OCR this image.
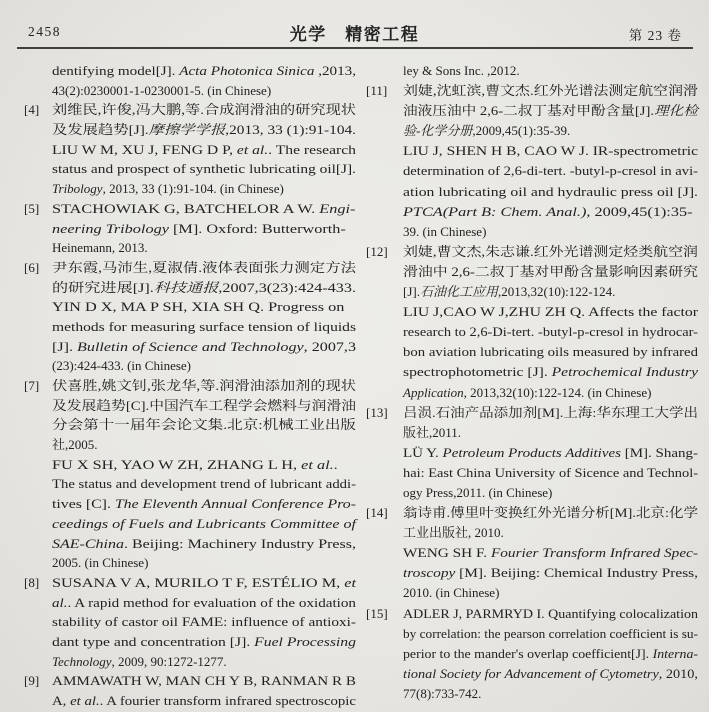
2458	光学　精密工程	第 23 卷
dentifying model[J]. Acta Photonica Sinica ,2013,
43(2):0230001-1-0230001-5. (in Chinese)
[4] 刘维民,许俊,冯大鹏,等.合成润滑油的研究现状
及发展趋势[J].摩擦学学报,2013, 33 (1):91-104.
LIU W M, XU J, FENG D P, et al.. The research
status and prospect of synthetic lubricating oil[J].
Tribology, 2013, 33 (1):91-104. (in Chinese)
[5] STACHOWIAK G, BATCHELOR A W. Engi-
neering Tribology [M]. Oxford: Butterworth-
Heinemann, 2013.
[6] 尹东霞,马沛生,夏淑倩.液体表面张力测定方法
的研究进展[J].科技通报,2007,3(23):424-433.
YIN D X, MA P SH, XIA SH Q. Progress on
methods for measuring surface tension of liquids
[J]. Bulletin of Science and Technology, 2007,3
(23):424-433. (in Chinese)
[7] 伏喜胜,姚文钊,张龙华,等.润滑油添加剂的现状
及发展趋势[C].中国汽车工程学会燃料与润滑油
分会第十一届年会论文集.北京:机械工业出版
社,2005.
FU X SH, YAO W ZH, ZHANG L H, et al..
The status and development trend of lubricant addi-
tives [C]. The Eleventh Annual Conference Pro-
ceedings of Fuels and Lubricants Committee of
SAE-China. Beijing: Machinery Industry Press,
2005. (in Chinese)
[8] SUSANA V A, MURILO T F, ESTÉLIO M, et
al.. A rapid method for evaluation of the oxidation
stability of castor oil FAME: influence of antioxi-
dant type and concentration [J]. Fuel Processing
Technology, 2009, 90:1272-1277.
[9] AMMAWATH W, MAN CH Y B, RANMAN R B
A, et al.. A fourier transform infrared spectroscopic
ley & Sons Inc. ,2012.
[11] 刘婕,沈虹滨,曹文杰.红外光谱法测定航空润滑
油液压油中 2,6-二叔丁基对甲酚含量[J].理化检
验-化学分册,2009,45(1):35-39.
LIU J, SHEN H B, CAO W J. IR-spectrometric
determination of 2,6-di-tert. -butyl-p-cresol in avi-
ation lubricating oil and hydraulic press oil [J].
PTCA(Part B: Chem. Anal.), 2009,45(1):35-
39. (in Chinese)
[12] 刘婕,曹文杰,朱志谦.红外光谱测定烃类航空润
滑油中 2,6-二叔丁基对甲酚含量影响因素研究
[J].石油化工应用,2013,32(10):122-124.
LIU J,CAO W J,ZHU ZH Q. Affects the factor
research to 2,6-Di-tert. -butyl-p-cresol in hydrocar-
bon aviation lubricating oils measured by infrared
spectrophotometric [J]. Petrochemical Industry
Application, 2013,32(10):122-124. (in Chinese)
[13] 吕涢.石油产品添加剂[M].上海:华东理工大学出
版社,2011.
LÜ Y. Petroleum Products Additives [M]. Shang-
hai: East China University of Sicence and Technol-
ogy Press,2011. (in Chinese)
[14] 翁诗甫.傅里叶变换红外光谱分析[M].北京:化学
工业出版社, 2010.
WENG SH F. Fourier Transform Infrared Spec-
troscopy [M]. Beijing: Chemical Industry Press,
2010. (in Chinese)
[15] ADLER J, PARMRYD I. Quantifying colocalization
by correlation: the pearson correlation coefficient is su-
perior to the mander's overlap coefficient[J]. Interna-
tional Society for Advancement of Cytometry, 2010,
77(8):733-742.
